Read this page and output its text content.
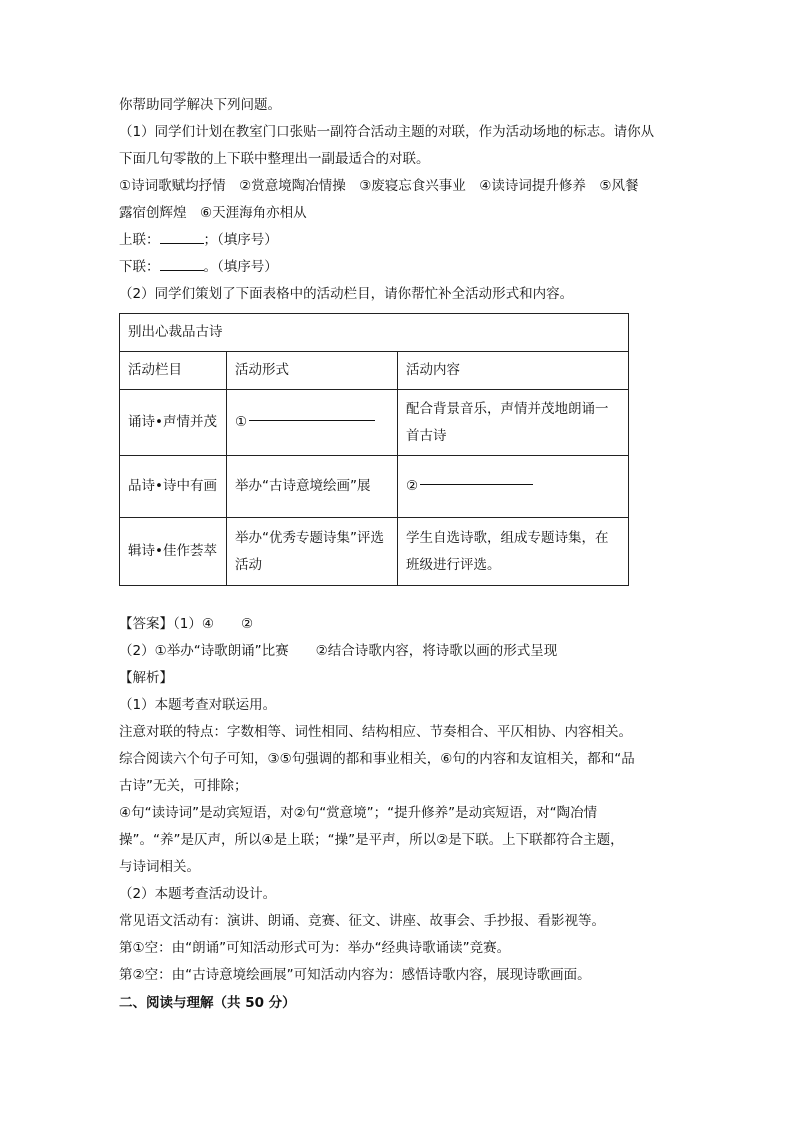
你帮助同学解决下列问题。
（1）同学们计划在教室门口张贴一副符合活动主题的对联，作为活动场地的标志。请你从
下面几句零散的上下联中整理出一副最适合的对联。
①诗词歌赋均抒情　②赏意境陶冶情操　③废寝忘食兴事业　④读诗词提升修养　⑤风餐
露宿创辉煌　⑥天涯海角亦相从
上联：	；（填序号）
下联：	。（填序号）
（2）同学们策划了下面表格中的活动栏目，请你帮忙补全活动形式和内容。
别出心裁品古诗		
活动栏目	活动形式	活动内容
诵诗•声情并茂	①	配合背景音乐，声情并茂地朗诵一首古诗
品诗•诗中有画	举办“古诗意境绘画”展	②
辑诗•佳作荟萃	举办“优秀专题诗集”评选活动	学生自选诗歌，组成专题诗集，在班级进行评选。
【答案】（1）④　　②
（2）①举办“诗歌朗诵”比赛　　②结合诗歌内容，将诗歌以画的形式呈现
【解析】
（1）本题考查对联运用。
注意对联的特点：字数相等、词性相同、结构相应、节奏相合、平仄相协、内容相关。
综合阅读六个句子可知，③⑤句强调的都和事业相关，⑥句的内容和友谊相关，都和“品
古诗”无关，可排除；
④句“读诗词”是动宾短语，对②句“赏意境”；“提升修养”是动宾短语，对“陶冶情
操”。“养”是仄声，所以④是上联；“操”是平声，所以②是下联。上下联都符合主题，
与诗词相关。
（2）本题考查活动设计。
常见语文活动有：演讲、朗诵、竞赛、征文、讲座、故事会、手抄报、看影视等。
第①空：由“朗诵”可知活动形式可为：举办“经典诗歌诵读”竞赛。
第②空：由“古诗意境绘画展”可知活动内容为：感悟诗歌内容，展现诗歌画面。
二、阅读与理解（共 50 分）
